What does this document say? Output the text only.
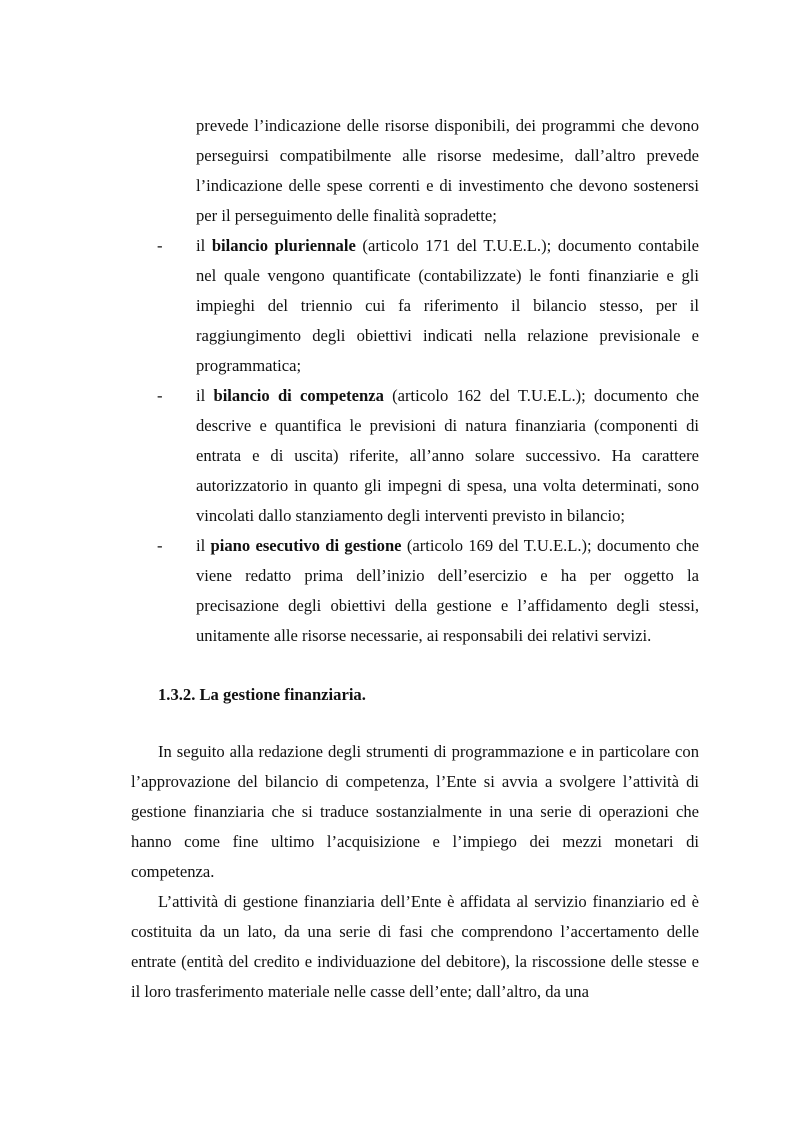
prevede l’indicazione delle risorse disponibili, dei programmi che devono perseguirsi compatibilmente alle risorse medesime, dall’altro prevede l’indicazione delle spese correnti e di investimento che devono sostenersi per il perseguimento delle finalità sopradette;
-	il bilancio pluriennale (articolo 171 del T.U.E.L.); documento contabile nel quale vengono quantificate (contabilizzate) le fonti finanziarie e gli impieghi del triennio cui fa riferimento il bilancio stesso, per il raggiungimento degli obiettivi indicati nella relazione previsionale e programmatica;
-	il bilancio di competenza (articolo 162 del T.U.E.L.); documento che descrive e quantifica le previsioni di natura finanziaria (componenti di entrata e di uscita) riferite, all’anno solare successivo. Ha carattere autorizzatorio in quanto gli impegni di spesa, una volta determinati, sono vincolati dallo stanziamento degli interventi previsto in bilancio;
-	il piano esecutivo di gestione (articolo 169 del T.U.E.L.); documento che viene redatto prima dell’inizio dell’esercizio e ha per oggetto la precisazione degli obiettivi della gestione e l’affidamento degli stessi, unitamente alle risorse necessarie, ai responsabili dei relativi servizi.
1.3.2. La gestione finanziaria.

In seguito alla redazione degli strumenti di programmazione e in particolare con l’approvazione del bilancio di competenza, l’Ente si avvia a svolgere l’attività di gestione finanziaria che si traduce sostanzialmente in una serie di operazioni che hanno come fine ultimo l’acquisizione e l’impiego dei mezzi monetari di competenza.

L’attività di gestione finanziaria dell’Ente è affidata al servizio finanziario ed è costituita da un lato, da una serie di fasi che comprendono l’accertamento delle entrate (entità del credito e individuazione del debitore), la riscossione delle stesse e il loro trasferimento materiale nelle casse dell’ente; dall’altro, da una
